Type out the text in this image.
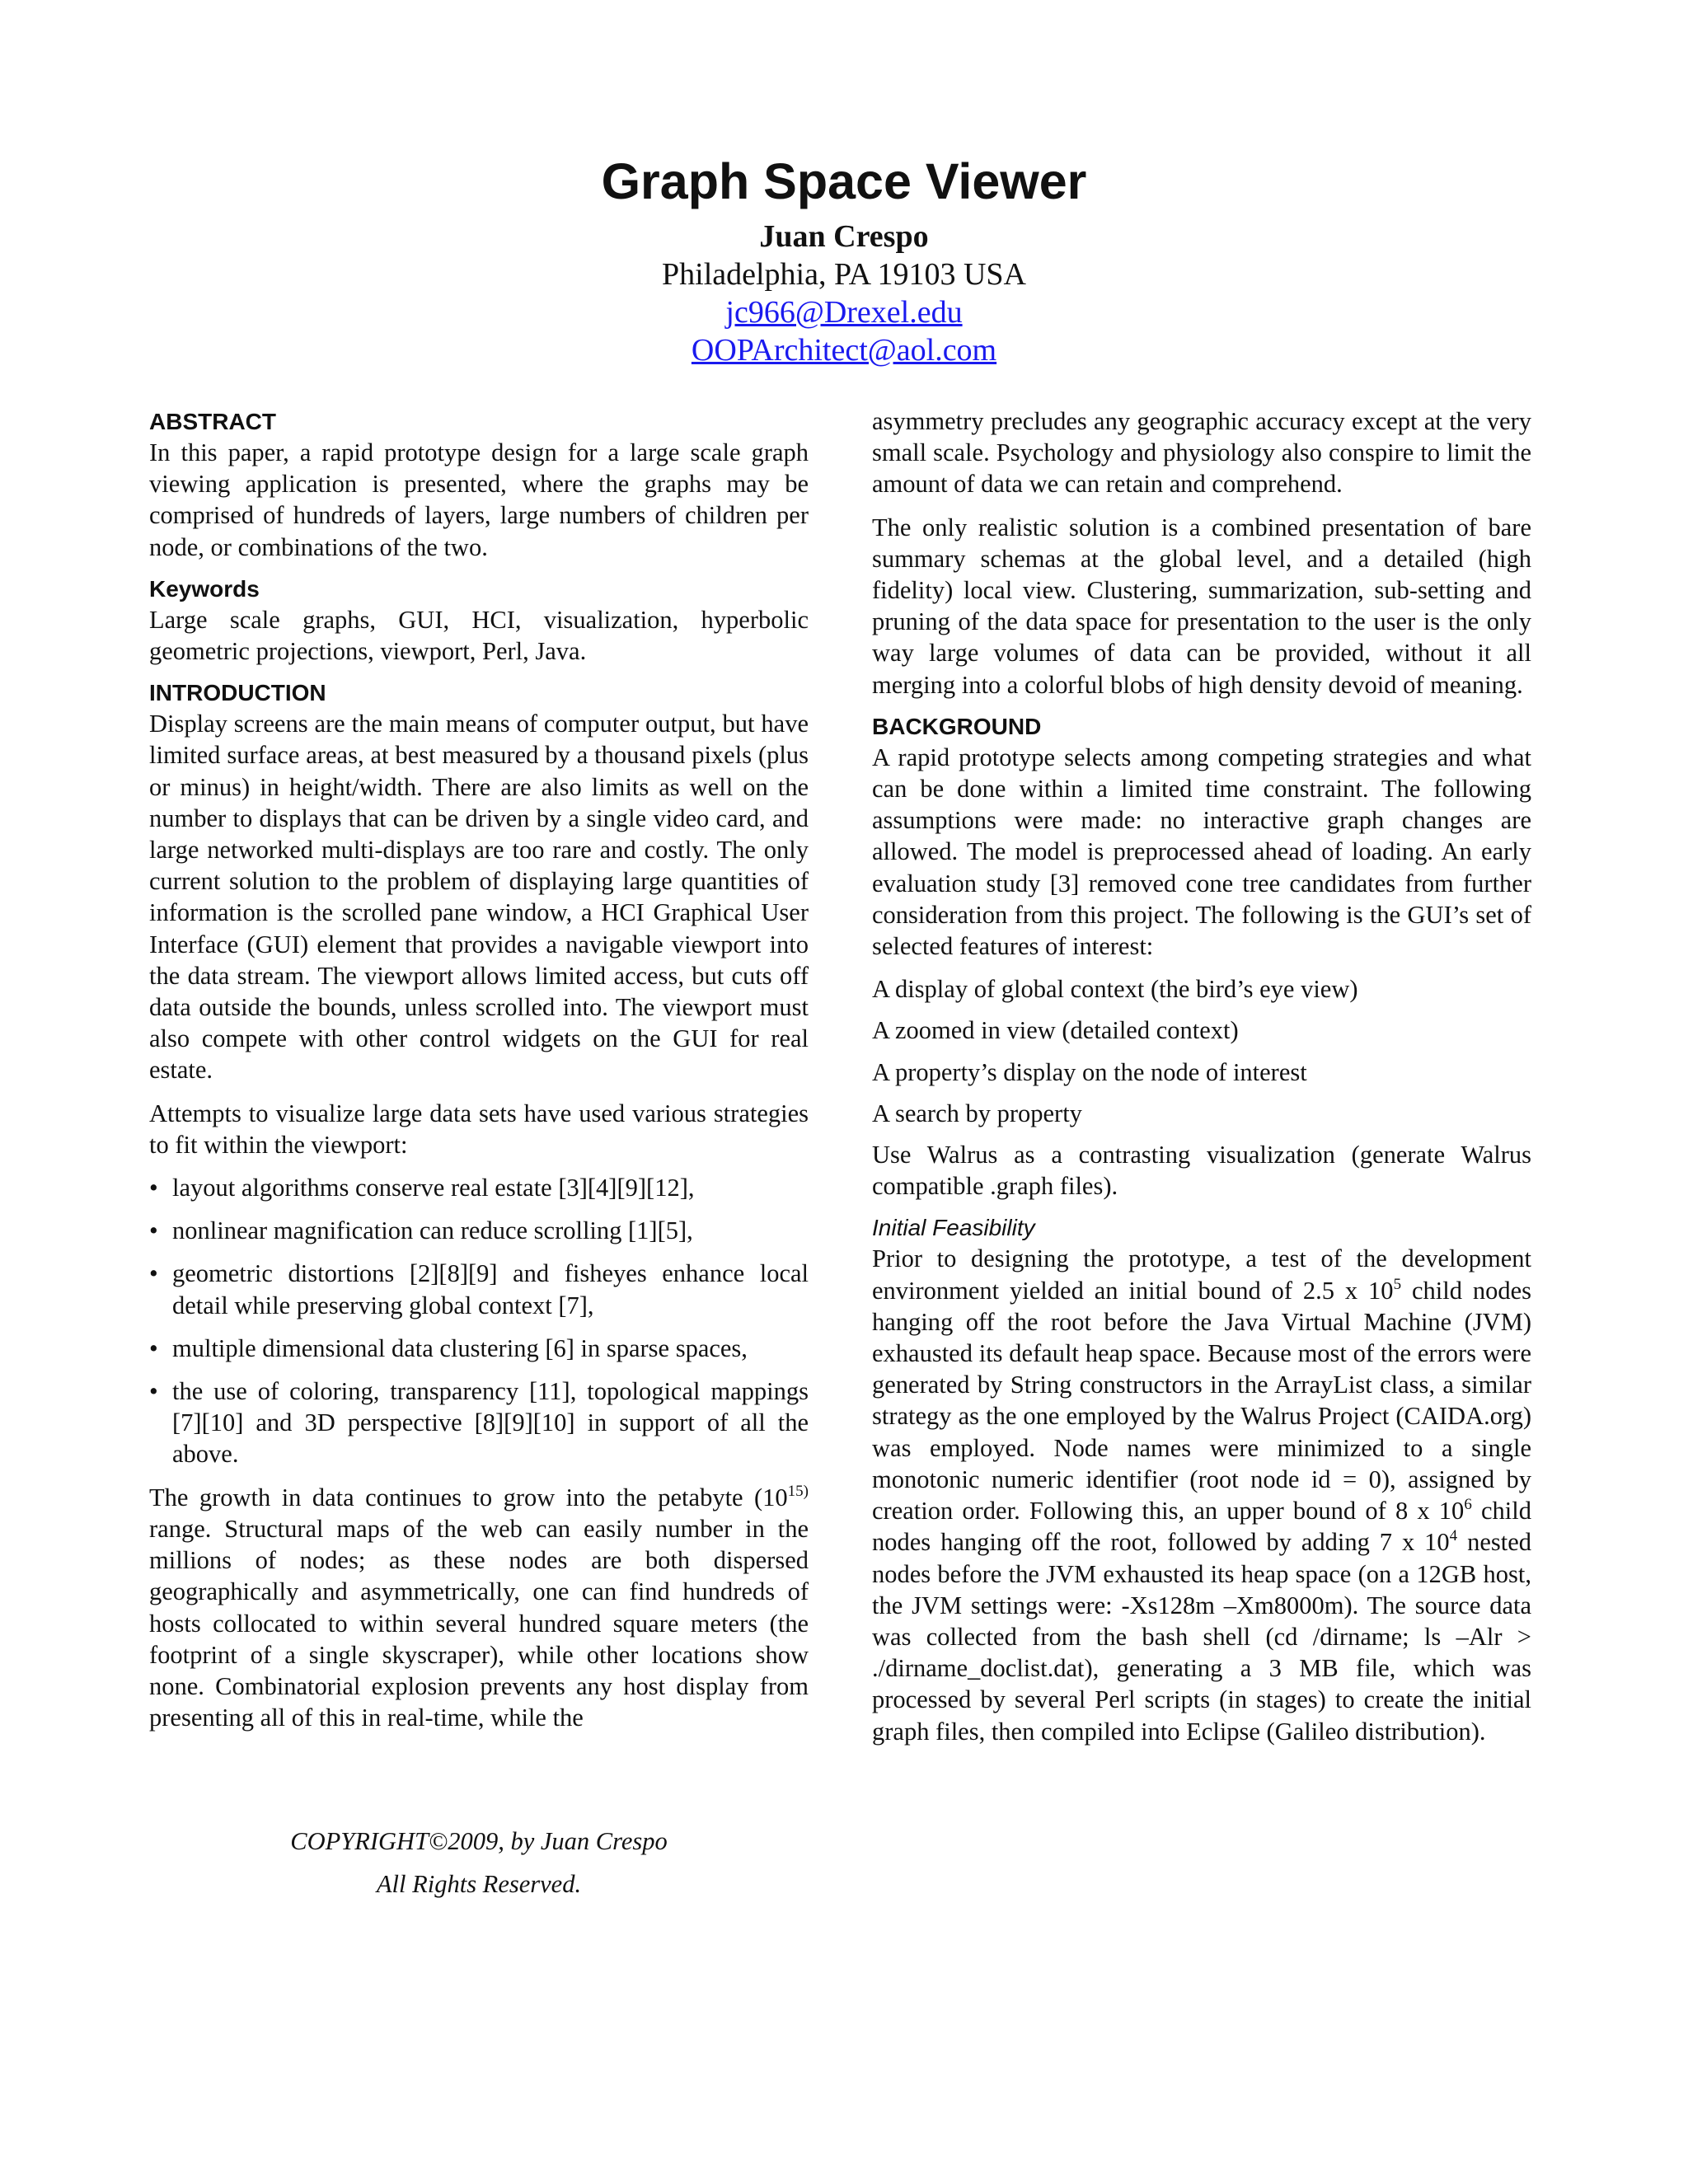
Graph Space Viewer
Juan Crespo
Philadelphia, PA 19103 USA
jc966@Drexel.edu
OOPArchitect@aol.com
ABSTRACT

In this paper, a rapid prototype design for a large scale graph viewing application is presented, where the graphs may be comprised of hundreds of layers, large numbers of children per node, or combinations of the two.

Keywords

Large scale graphs, GUI, HCI, visualization, hyperbolic geometric projections, viewport, Perl, Java.

INTRODUCTION

Display screens are the main means of computer output, but have limited surface areas, at best measured by a thousand pixels (plus or minus) in height/width. There are also limits as well on the number to displays that can be driven by a single video card, and large networked multi-displays are too rare and costly. The only current solution to the problem of displaying large quantities of information is the scrolled pane window, a HCI Graphical User Interface (GUI) element that provides a navigable viewport into the data stream. The viewport allows limited access, but cuts off data outside the bounds, unless scrolled into. The viewport must also compete with other control widgets on the GUI for real estate.

Attempts to visualize large data sets have used various strategies to fit within the viewport:

• layout algorithms conserve real estate [3][4][9][12],
• nonlinear magnification can reduce scrolling [1][5],
• geometric distortions [2][8][9] and fisheyes enhance local detail while preserving global context [7],
• multiple dimensional data clustering [6] in sparse spaces,
• the use of coloring, transparency [11], topological mappings [7][10] and 3D perspective [8][9][10] in support of all the above.

The growth in data continues to grow into the petabyte (10$^{15)}$ range. Structural maps of the web can easily number in the millions of nodes; as these nodes are both dispersed geographically and asymmetrically, one can find hundreds of hosts collocated to within several hundred square meters (the footprint of a single skyscraper), while other locations show none. Combinatorial explosion prevents any host display from presenting all of this in real-time, while the

COPYRIGHT©2009, by Juan Crespo
All Rights Reserved.

asymmetry precludes any geographic accuracy except at the very small scale. Psychology and physiology also conspire to limit the amount of data we can retain and comprehend.

The only realistic solution is a combined presentation of bare summary schemas at the global level, and a detailed (high fidelity) local view. Clustering, summarization, sub-setting and pruning of the data space for presentation to the user is the only way large volumes of data can be provided, without it all merging into a colorful blobs of high density devoid of meaning.

BACKGROUND

A rapid prototype selects among competing strategies and what can be done within a limited time constraint. The following assumptions were made: no interactive graph changes are allowed. The model is preprocessed ahead of loading. An early evaluation study [3] removed cone tree candidates from further consideration from this project. The following is the GUI’s set of selected features of interest:

A display of global context (the bird’s eye view)

A zoomed in view (detailed context)

A property’s display on the node of interest

A search by property

Use Walrus as a contrasting visualization (generate Walrus compatible .graph files).

Initial Feasibility

Prior to designing the prototype, a test of the development environment yielded an initial bound of 2.5 x $10^5$ child nodes hanging off the root before the Java Virtual Machine (JVM) exhausted its default heap space. Because most of the errors were generated by String constructors in the ArrayList class, a similar strategy as the one employed by the Walrus Project (CAIDA.org) was employed. Node names were minimized to a single monotonic numeric identifier (root node id = 0), assigned by creation order. Following this, an upper bound of 8 x $10^6$ child nodes hanging off the root, followed by adding 7 x $10^4$ nested nodes before the JVM exhausted its heap space (on a 12GB host, the JVM settings were: -Xs128m –Xm8000m). The source data was collected from the bash shell (cd /dirname; ls –Alr > ./dirname_doclist.dat), generating a 3 MB file, which was processed by several Perl scripts (in stages) to create the initial graph files, then compiled into Eclipse (Galileo distribution).
